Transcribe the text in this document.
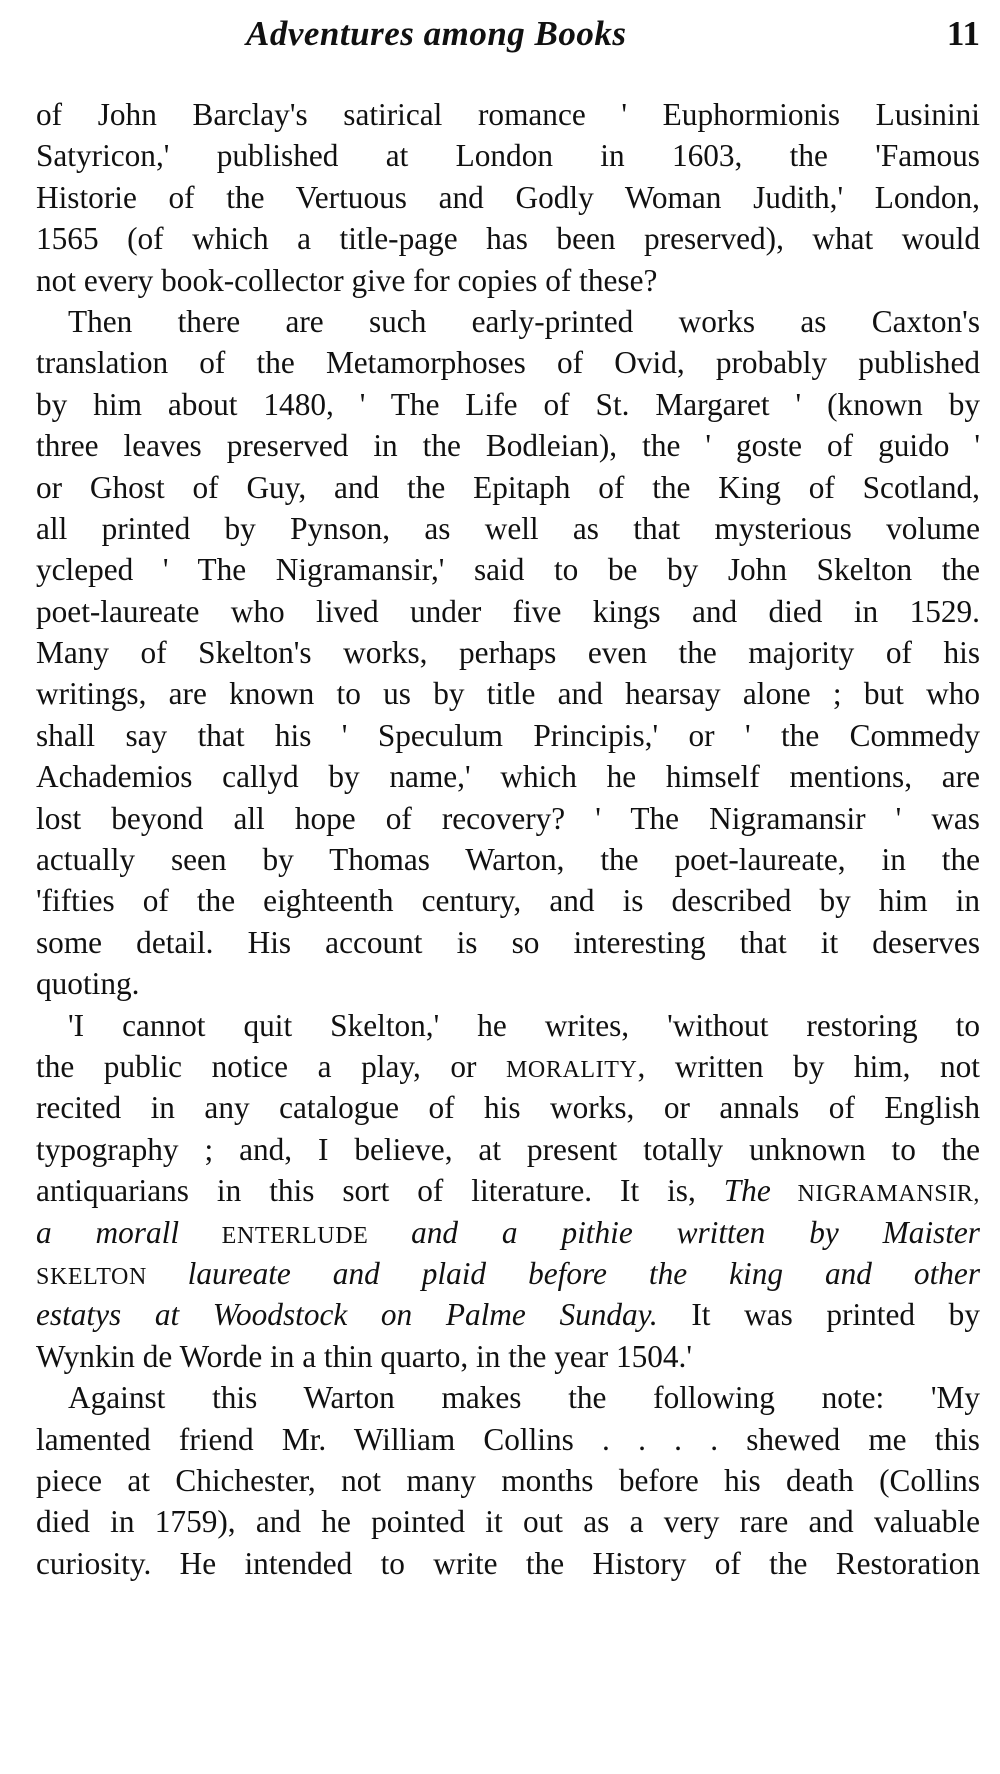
Adventures among Books	11
of John Barclay's satirical romance ' Euphormionis Lusinini
Satyricon,' published at London in 1603, the 'Famous
Historie of the Vertuous and Godly Woman Judith,' London,
1565 (of which a title-page has been preserved), what would
not every book-collector give for copies of these?
Then there are such early-printed works as Caxton's
translation of the Metamorphoses of Ovid, probably published
by him about 1480, ' The Life of St. Margaret ' (known by
three leaves preserved in the Bodleian), the ' goste of guido '
or Ghost of Guy, and the Epitaph of the King of Scotland,
all printed by Pynson, as well as that mysterious volume
ycleped ' The Nigramansir,' said to be by John Skelton the
poet-laureate who lived under five kings and died in 1529.
Many of Skelton's works, perhaps even the majority of his
writings, are known to us by title and hearsay alone ; but who
shall say that his ' Speculum Principis,' or ' the Commedy
Achademios callyd by name,' which he himself mentions, are
lost beyond all hope of recovery? ' The Nigramansir ' was
actually seen by Thomas Warton, the poet-laureate, in the
'fifties of the eighteenth century, and is described by him in
some detail. His account is so interesting that it deserves
quoting.
'I cannot quit Skelton,' he writes, 'without restoring to
the public notice a play, or MORALITY, written by him, not
recited in any catalogue of his works, or annals of English
typography ; and, I believe, at present totally unknown to the
antiquarians in this sort of literature. It is, The NIGRAMANSIR,
a morall ENTERLUDE and a pithie written by Maister
SKELTON laureate and plaid before the king and other
estatys at Woodstock on Palme Sunday. It was printed by
Wynkin de Worde in a thin quarto, in the year 1504.'
Against this Warton makes the following note: 'My
lamented friend Mr. William Collins . . . . shewed me this
piece at Chichester, not many months before his death (Collins
died in 1759), and he pointed it out as a very rare and valuable
curiosity. He intended to write the History of the Restoration
